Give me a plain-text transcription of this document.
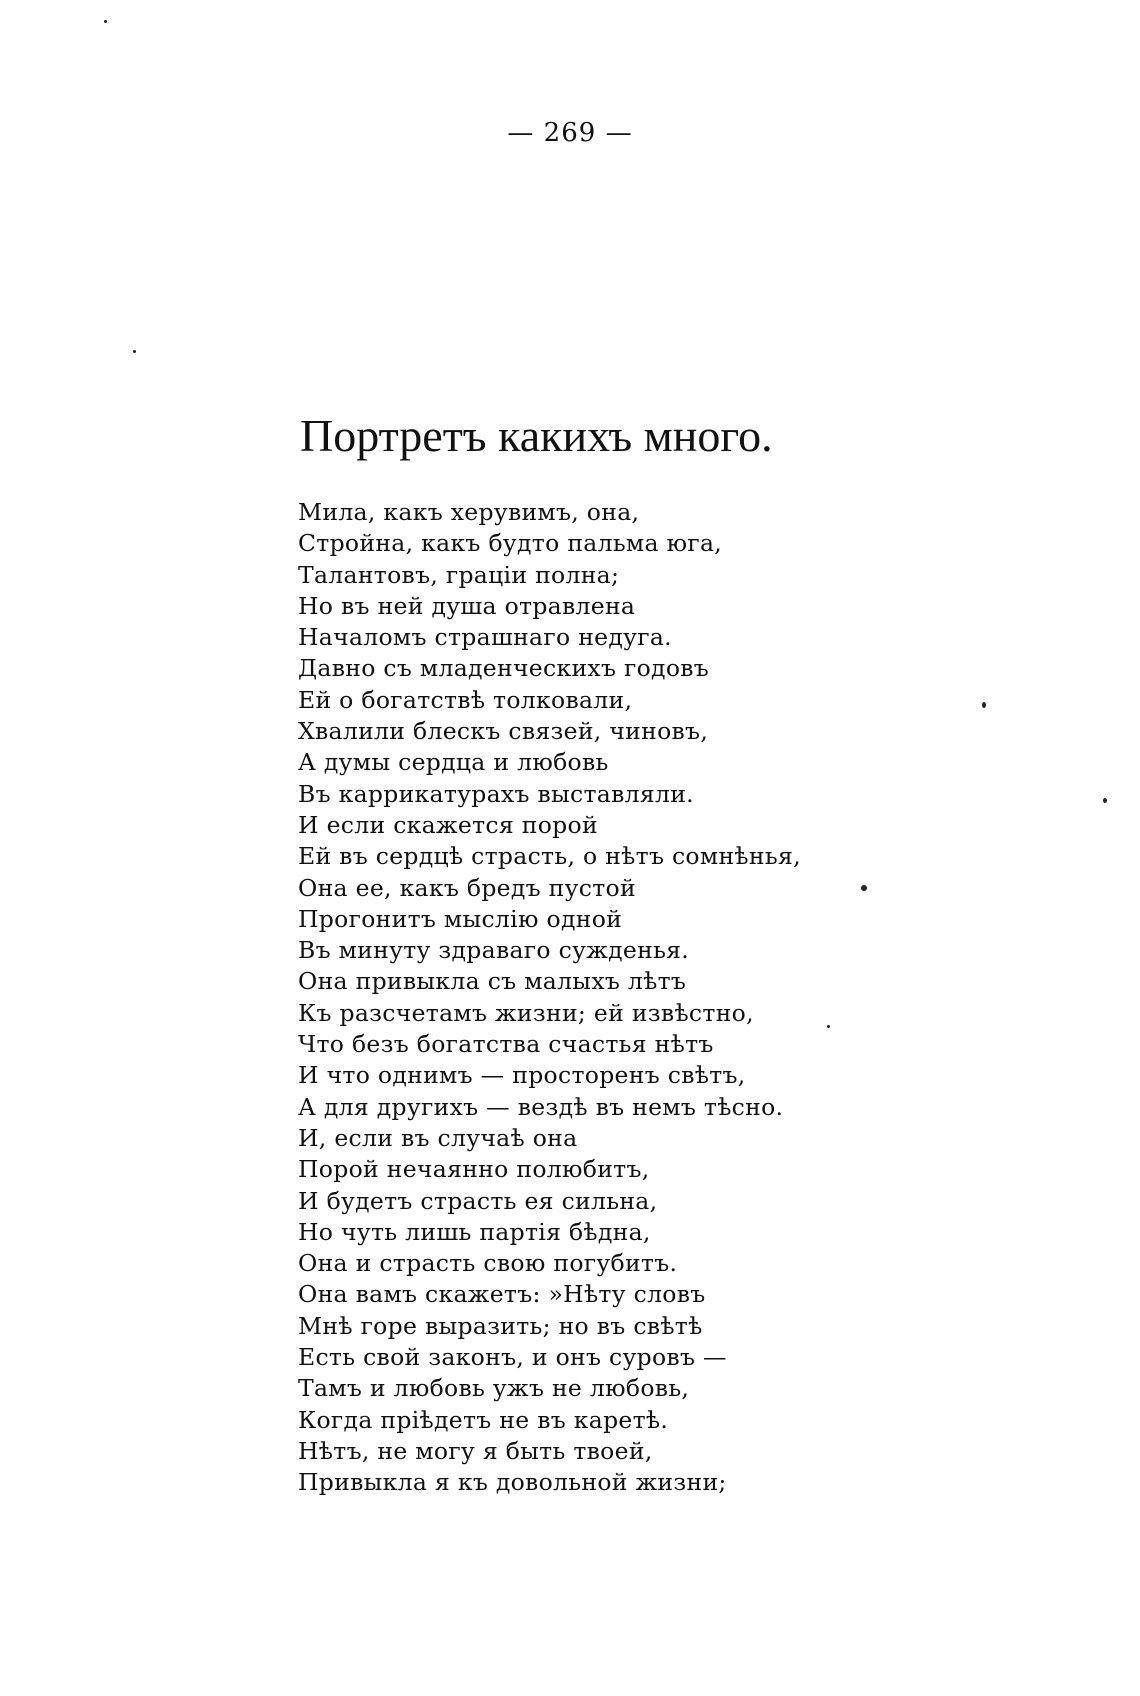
— 269 —
Портретъ какихъ много.
Мила, какъ херувимъ, она,
Стройна, какъ будто пальма юга,
Талантовъ, граціи полна;
Но въ ней душа отравлена
Началомъ страшнаго недуга.
Давно съ младенческихъ годовъ
Ей о богатствѣ толковали,
Хвалили блескъ связей, чиновъ,
А думы сердца и любовь
Въ каррикатурахъ выставляли.
И если скажется порой
Ей въ сердцѣ страсть, о нѣтъ сомнѣнья,
Она ее, какъ бредъ пустой
Прогонитъ мыслію одной
Въ минуту здраваго сужденья.
Она привыкла съ малыхъ лѣтъ
Къ разсчетамъ жизни; ей извѣстно,
Что безъ богатства счастья нѣтъ
И что однимъ — просторенъ свѣтъ,
А для другихъ — вездѣ въ немъ тѣсно.
И, если въ случаѣ она
Порой нечаянно полюбитъ,
И будетъ страсть ея сильна,
Но чуть лишь партія бѣдна,
Она и страсть свою погубитъ.
Она вамъ скажетъ: »Нѣту словъ
Мнѣ горе выразить; но въ свѣтѣ
Есть свой законъ, и онъ суровъ —
Тамъ и любовь ужъ не любовь,
Когда пріѣдетъ не въ каретѣ.
Нѣтъ, не могу я быть твоей,
Привыкла я къ довольной жизни;
